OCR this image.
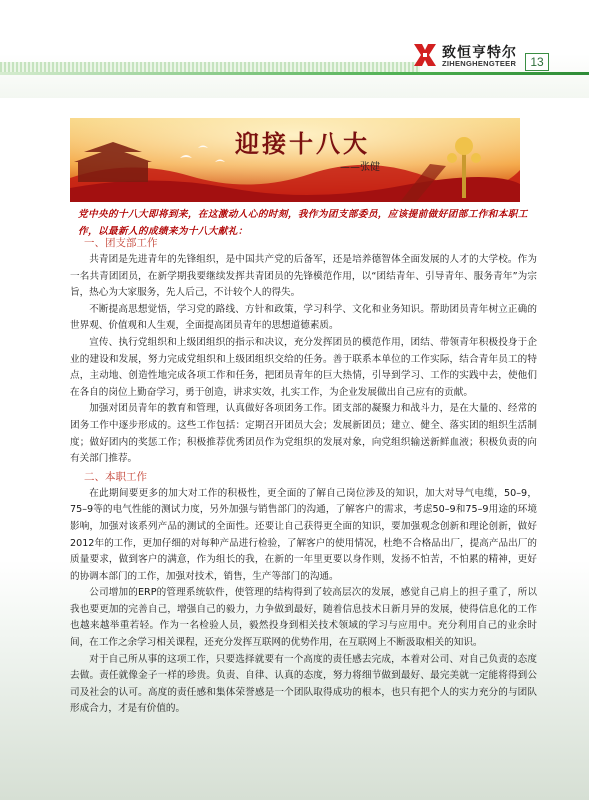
致恒亨特尔
ZIHENGHENGTEER	13
迎接十八大
——张健
党中央的十八大即将到来，在这激动人心的时刻，我作为团支部委员，应该提前做好团部工作和本职工作，以最新人的成绩来为十八大献礼：
一、团支部工作

共青团是先进青年的先锋组织，是中国共产党的后备军，还是培养德智体全面发展的人才的大学校。作为一名共青团团员，在新学期我要继续发挥共青团员的先锋模范作用，以“团结青年、引导青年、服务青年”为宗旨，热心为大家服务，先人后己，不计较个人的得失。

不断提高思想觉悟，学习党的路线、方针和政策，学习科学、文化和业务知识。帮助团员青年树立正确的世界观、价值观和人生观，全面提高团员青年的思想道德素质。

宣传、执行党组织和上级团组织的指示和决议，充分发挥团员的模范作用，团结、带领青年积极投身于企业的建设和发展，努力完成党组织和上级团组织交给的任务。善于联系本单位的工作实际，结合青年员工的特点，主动地、创造性地完成各项工作和任务，把团员青年的巨大热情，引导到学习、工作的实践中去，使他们在各自的岗位上勤奋学习，勇于创造，讲求实效，扎实工作，为企业发展做出自己应有的贡献。

加强对团员青年的教育和管理，认真做好各项团务工作。团支部的凝聚力和战斗力，是在大量的、经常的团务工作中逐步形成的。这些工作包括：定期召开团员大会；发展新团员；建立、健全、落实团的组织生活制度；做好团内的奖惩工作；积极推荐优秀团员作为党组织的发展对象，向党组织输送新鲜血液；积极负责的向有关部门推荐。

二、本职工作

在此期间要更多的加大对工作的积极性，更全面的了解自己岗位涉及的知识，加大对导气电缆，50–9，75–9等的电气性能的测试力度，另外加强与销售部门的沟通，了解客户的需求，考虑50–9和75–9用途的环境影响，加强对该系列产品的测试的全面性。还要让自己获得更全面的知识，要加强观念创新和理论创新，做好2012年的工作，更加仔细的对每种产品进行检验，了解客户的使用情况，杜绝不合格品出厂，提高产品出厂的质量要求，做到客户的满意，作为组长的我，在新的一年里更要以身作则，发扬不怕苦，不怕累的精神，更好的协调本部门的工作，加强对技术，销售，生产等部门的沟通。

公司增加的ERP的管理系统软件，使管理的结构得到了较高层次的发展，感觉自己肩上的担子重了，所以我也要更加的完善自己，增强自己的毅力，力争做到最好，随着信息技术日新月异的发展，使得信息化的工作也越来越举重若轻。作为一名检验人员，毅然投身到相关技术领域的学习与应用中。充分利用自己的业余时间，在工作之余学习相关课程，还充分发挥互联网的优势作用，在互联网上不断汲取相关的知识。

对于自己所从事的这项工作，只要选择就要有一个高度的责任感去完成，本着对公司、对自己负责的态度去做。责任就像金子一样的珍贵。负责、自律、认真的态度，努力将细节做到最好、最完美就一定能将得到公司及社会的认可。高度的责任感和集体荣誉感是一个团队取得成功的根本，也只有把个人的实力充分的与团队形成合力，才是有价值的。
